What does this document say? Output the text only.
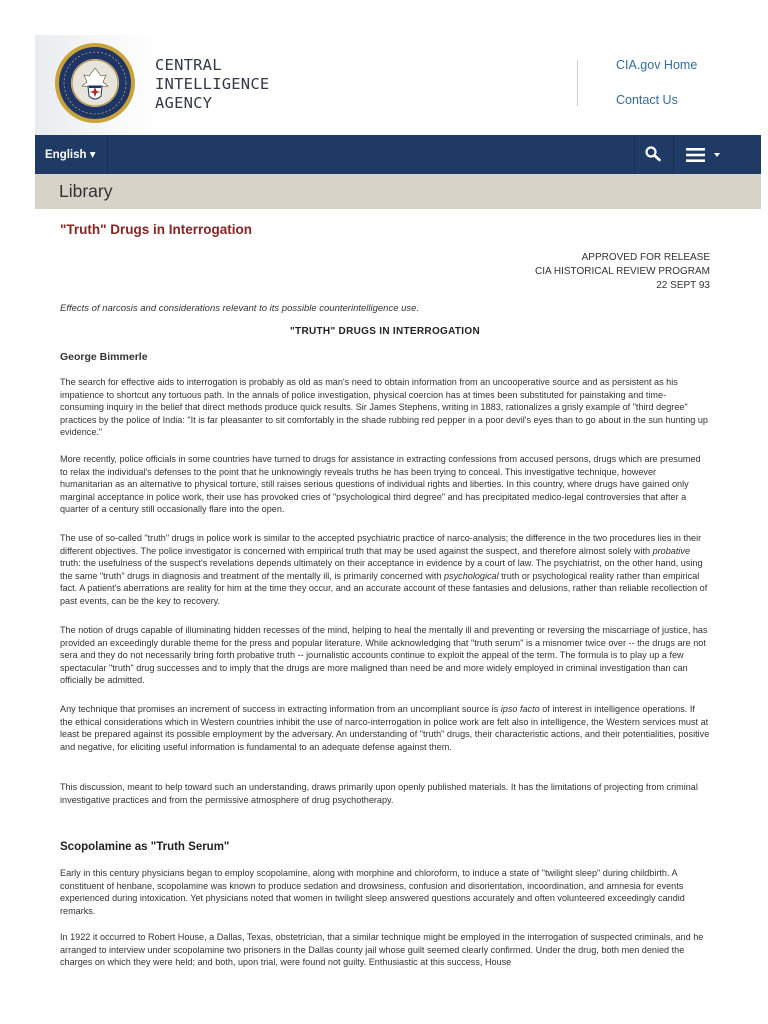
CENTRAL
INTELLIGENCE
AGENCY
CIA.gov Home
Contact Us
English ▾
Library
"Truth" Drugs in Interrogation
APPROVED FOR RELEASE
CIA HISTORICAL REVIEW PROGRAM
22 SEPT 93
Effects of narcosis and considerations relevant to its possible counterintelligence use.
"TRUTH" DRUGS IN INTERROGATION
George Bimmerle

The search for effective aids to interrogation is probably as old as man's need to obtain information from an uncooperative source and as persistent as his impatience to shortcut any tortuous path. In the annals of police investigation, physical coercion has at times been substituted for painstaking and time-consuming inquiry in the belief that direct methods produce quick results. Sir James Stephens, writing in 1883, rationalizes a grisly example of "third degree" practices by the police of India: "It is far pleasanter to sit comfortably in the shade rubbing red pepper in a poor devil's eyes than to go about in the sun hunting up evidence."

More recently, police officials in some countries have turned to drugs for assistance in extracting confessions from accused persons, drugs which are presumed to relax the individual's defenses to the point that he unknowingly reveals truths he has been trying to conceal. This investigative technique, however humanitarian as an alternative to physical torture, still raises serious questions of individual rights and liberties. In this country, where drugs have gained only marginal acceptance in police work, their use has provoked cries of "psychological third degree" and has precipitated medico-legal controversies that after a quarter of a century still occasionally flare into the open.

The use of so-called "truth" drugs in police work is similar to the accepted psychiatric practice of narco-analysis; the difference in the two procedures lies in their different objectives. The police investigator is concerned with empirical truth that may be used against the suspect, and therefore almost solely with probative truth: the usefulness of the suspect's revelations depends ultimately on their acceptance in evidence by a court of law. The psychiatrist, on the other hand, using the same "truth" drugs in diagnosis and treatment of the mentally ill, is primarily concerned with psychological truth or psychological reality rather than empirical fact. A patient's aberrations are reality for him at the time they occur, and an accurate account of these fantasies and delusions, rather than reliable recollection of past events, can be the key to recovery.

The notion of drugs capable of illuminating hidden recesses of the mind, helping to heal the mentally ill and preventing or reversing the miscarriage of justice, has provided an exceedingly durable theme for the press and popular literature. While acknowledging that "truth serum" is a misnomer twice over -- the drugs are not sera and they do not necessarily bring forth probative truth -- journalistic accounts continue to exploit the appeal of the term. The formula is to play up a few spectacular "truth" drug successes and to imply that the drugs are more maligned than need be and more widely employed in criminal investigation than can officially be admitted.

Any technique that promises an increment of success in extracting information from an uncompliant source is ipso facto of interest in intelligence operations. If the ethical considerations which in Western countries inhibit the use of narco-interrogation in police work are felt also in intelligence, the Western services must at least be prepared against its possible employment by the adversary. An understanding of "truth" drugs, their characteristic actions, and their potentialities, positive and negative, for eliciting useful information is fundamental to an adequate defense against them.

This discussion, meant to help toward such an understanding, draws primarily upon openly published materials. It has the limitations of projecting from criminal investigative practices and from the permissive atmosphere of drug psychotherapy.

Scopolamine as "Truth Serum"

Early in this century physicians began to employ scopolamine, along with morphine and chloroform, to induce a state of "twilight sleep" during childbirth. A constituent of henbane, scopolamine was known to produce sedation and drowsiness, confusion and disorientation, incoordination, and amnesia for events experienced during intoxication. Yet physicians noted that women in twilight sleep answered questions accurately and often volunteered exceedingly candid remarks.

In 1922 it occurred to Robert House, a Dallas, Texas, obstetrician, that a similar technique might be employed in the interrogation of suspected criminals, and he arranged to interview under scopolamine two prisoners in the Dallas county jail whose guilt seemed clearly confirmed. Under the drug, both men denied the charges on which they were held; and both, upon trial, were found not guilty. Enthusiastic at this success, House
